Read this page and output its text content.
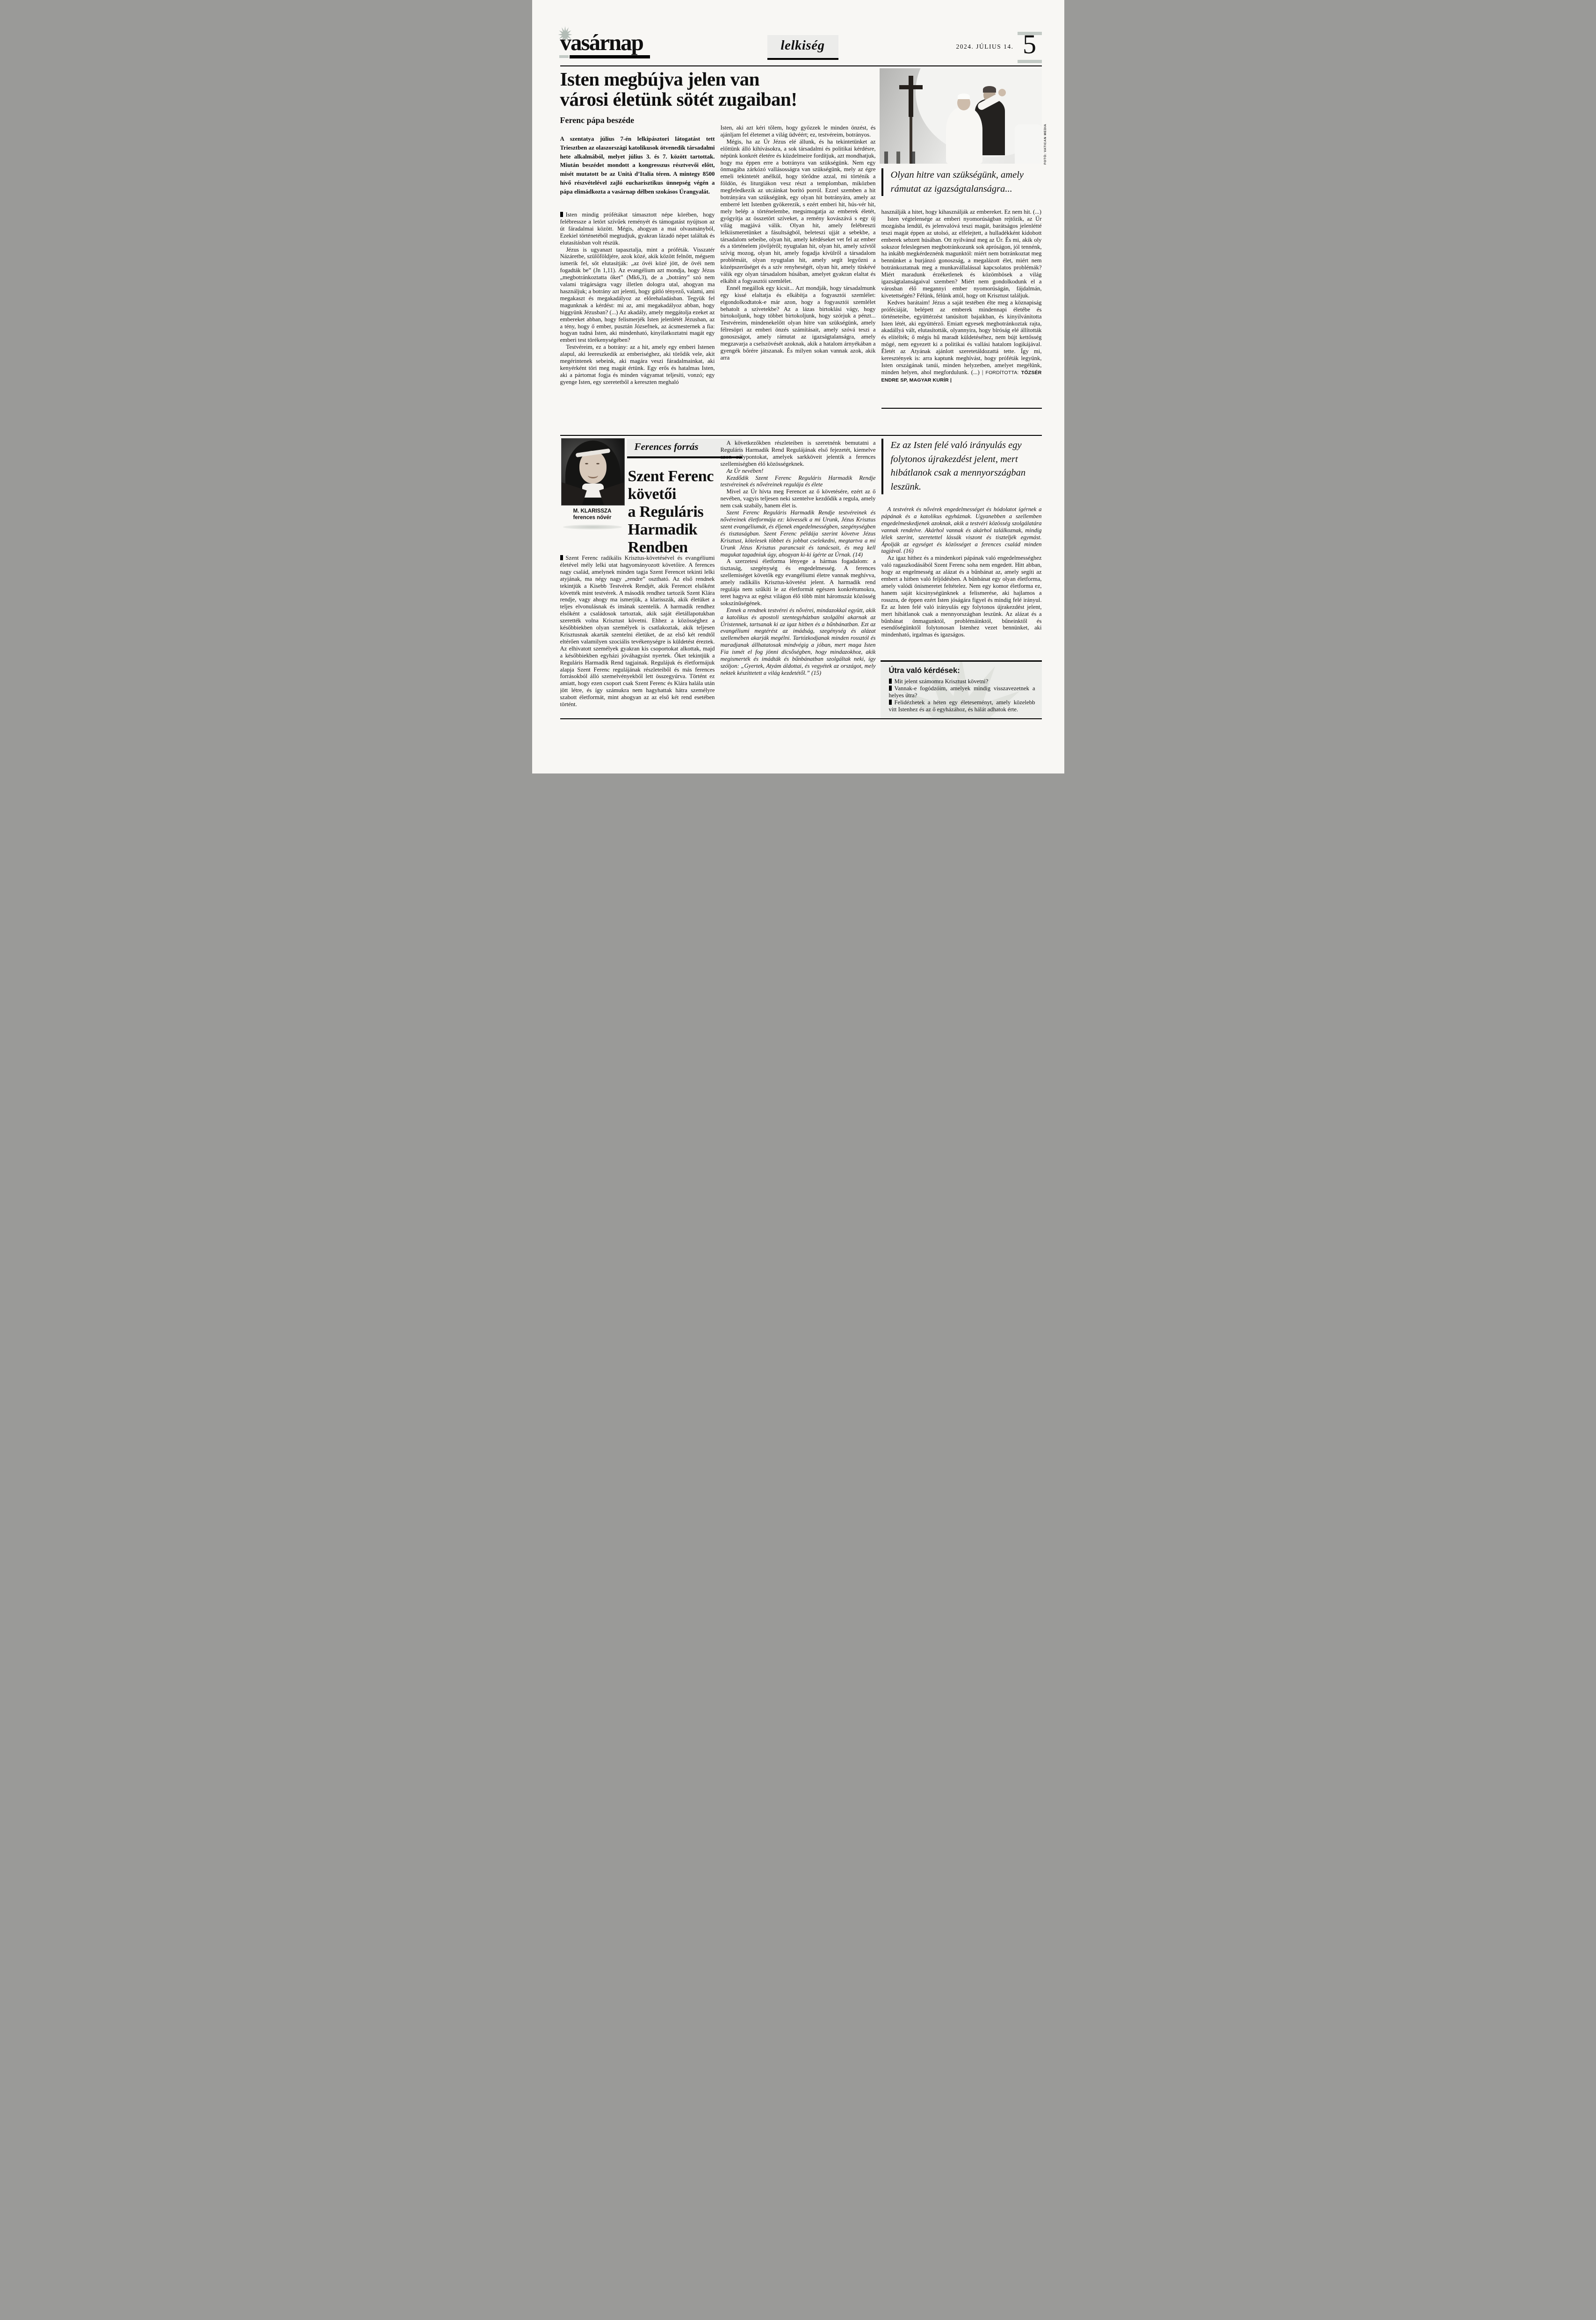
vasárnap	lelkiség	2024. JÚLIUS 14. 5
Isten megbújva jelen van
városi életünk sötét zugaiban!
Ferenc pápa beszéde
FOTÓ: VATICAN MEDIA
A szentatya július 7-én lelkipásztori látogatást tett Triesztben az olaszországi katolikusok ötvenedik társadalmi hete alkalmából, melyet július 3. és 7. között tartottak. Miután beszédet mondott a kongresszus résztvevői előtt, misét mutatott be az Unità d’Italia téren. A mintegy 8500 hívő részvételével zajló eucharisztikus ünnepség végén a pápa elimádkozta a vasárnap délben szokásos Úrangyalát.

Isten mindig prófétákat támasztott népe körében, hogy felébressze a letört szívűek reményét és támogatást nyújtson az út fáradalmai között. Mégis, ahogyan a mai olvasmányból, Ezekiel történetéből megtudjuk, gyakran lázadó népet találtak és elutasításban volt részük.

Jézus is ugyanazt tapasztalja, mint a próféták. Visszatér Názáretbe, szülőföldjére, azok közé, akik között felnőtt, mégsem ismerik fel, sőt elutasítják: „az övéi közé jött, de övéi nem fogadták be” (Jn 1,11). Az evangélium azt mondja, hogy Jézus „megbotránkoztatta őket” (Mk6,3), de a „botrány” szó nem valami trágárságra vagy illetlen dologra utal, ahogyan ma használjuk; a botrány azt jelenti, hogy gátló tényező, valami, ami megakaszt és megakadályoz az előrehaladásban. Tegyük fel magunknak a kérdést: mi az, ami megakadályoz abban, hogy higgyünk Jézusban? (...) Az akadály, amely meggátolja ezeket az embereket abban, hogy felismerjék Isten jelenlétét Jézusban, az a tény, hogy ő ember, pusztán Józsefnek, az ácsmesternek a fia: hogyan tudná Isten, aki mindenható, kinyilatkoztatni magát egy emberi test törékenységében?

Testvéreim, ez a botrány: az a hit, amely egy emberi Istenen alapul, aki leereszkedik az emberiséghez, aki törődik vele, akit megérintenek sebeink, aki magára veszi fáradalmainkat, aki kenyérként töri meg magát értünk. Egy erős és hatalmas Isten, aki a pártomat fogja és minden vágyamat teljesíti, vonzó; egy gyenge Isten, egy szeretetből a kereszten meghaló

Isten, aki azt kéri tőlem, hogy győzzek le minden önzést, és ajánljam fel életemet a világ üdvéért; ez, testvéreim, botrányos.

Mégis, ha az Úr Jézus elé állunk, és ha tekintetünket az előttünk álló kihívásokra, a sok társadalmi és politikai kérdésre, népünk konkrét életére és küzdelmeire fordítjuk, azt mondhatjuk, hogy ma éppen erre a botrányra van szükségünk. Nem egy önmagába zárkózó vallásosságra van szükségünk, mely az égre emeli tekintetét anélkül, hogy törődne azzal, mi történik a földön, és liturgiákon vesz részt a templomban, miközben megfeledkezik az utcáinkat borító porról. Ezzel szemben a hit botrányára van szükségünk, egy olyan hit botrányára, amely az emberré lett Istenben gyökerezik, s ezért emberi hit, hús-vér hit, mely belép a történelembe, megsimogatja az emberek életét, gyógyítja az összetört szíveket, a remény kovászává s egy új világ magjává válik. Olyan hit, amely felébreszti lelkiismeretünket a fásultságból, beleteszi ujját a sebekbe, a társadalom sebeibe, olyan hit, amely kérdéseket vet fel az ember és a történelem jövőjéről; nyugtalan hit, olyan hit, amely szívtől szívig mozog, olyan hit, amely fogadja kívülről a társadalom problémáit, olyan nyugtalan hit, amely segít legyőzni a középszerűséget és a szív renyheségét, olyan hit, amely tüskévé válik egy olyan társadalom húsában, amelyet gyakran elaltat és elkábít a fogyasztói szemlélet.

Ennél megállok egy kicsit... Azt mondják, hogy társadalmunk egy kissé elaltatja és elkábítja a fogyasztói szemlélet: elgondolkodtatok-e már azon, hogy a fogyasztói szemlélet behatolt a szívetekbe? Az a lázas birtoklási vágy, hogy birtokoljunk, hogy többet birtokoljunk, hogy szórjuk a pénzt... Testvéreim, mindenekelőtt olyan hitre van szükségünk, amely félresöpri az emberi önzés számításait, amely szóvá teszi a gonoszságot, amely rámutat az igazságtalanságra, amely megzavarja a cselszövését azoknak, akik a hatalom árnyékában a gyengék bőrére játszanak. És milyen sokan vannak azok, akik arra

Olyan hitre van szükségünk, amely rámutat az igazságtalanságra...

használják a hitet, hogy kihasználják az embereket. Ez nem hit. (...)

Isten végtelensége az emberi nyomorúságban rejtőzik, az Úr mozgásba lendül, és jelenvalóvá teszi magát, barátságos jelenlétté teszi magát éppen az utolsó, az elfelejtett, a hulladékként kidobott emberek sebzett húsában. Ott nyilvánul meg az Úr. És mi, akik oly sokszor feleslegesen megbotránkozunk sok apróságon, jól tennénk, ha inkább megkérdeznénk magunktól: miért nem botránkoztat meg bennünket a burjánzó gonoszság, a megalázott élet, miért nem botránkoztatnak meg a munkavállalással kapcsolatos problémák? Miért maradunk érzéketlenek és közömbösek a világ igazságtalanságaival szemben? Miért nem gondolkodunk el a városban élő megannyi ember nyomorúságán, fájdalmán, kivetettségén? Félünk, félünk attól, hogy ott Krisztust találjuk.

Kedves barátaim! Jézus a saját testében élte meg a köznapiság próféciáját, belépett az emberek mindennapi életébe és történeteibe, együttérzést tanúsított bajaikban, és kinyilvánította Isten létét, aki együttérző. Emiatt egyesek megbotránkoztak rajta, akadállyá vált, elutasították, olyannyira, hogy bíróság elé állították és elítélték; ő mégis hű maradt küldetéséhez, nem bújt kettősség mögé, nem egyezett ki a politikai és vallási hatalom logikájával. Életét az Atyának ajánlott szeretetáldozattá tette. Így mi, keresztények is: arra kaptunk meghívást, hogy próféták legyünk, Isten országának tanúi, minden helyzetben, amelyet megélünk, minden helyen, ahol megfordulunk. (...) | FORDÍTOTTA: TŐZSÉR ENDRE SP, MAGYAR KURÍR |

M. KLARISSZA
ferences nővér
Ferences forrás
Szent Ferenc
követői
a Reguláris
Harmadik
Rendben

Szent Ferenc radikális Krisztus-követésével és evangéliumi életével mély lelki utat hagyományozott követőire. A ferences nagy család, amelynek minden tagja Szent Ferencet tekinti lelki atyjának, ma négy nagy „rendre” osztható. Az első rendnek tekintjük a Kisebb Testvérek Rendjét, akik Ferencet elsőként követték mint testvérek. A második rendhez tartozik Szent Klára rendje, vagy ahogy ma ismerjük, a klarisszák, akik életüket a teljes elvonulásnak és imának szentelik. A harmadik rendhez elsőként a családosok tartoztak, akik saját életállapotukban szerették volna Krisztust követni. Ehhez a közösséghez a későbbiekben olyan személyek is csatlakoztak, akik teljesen Krisztusnak akarták szentelni életüket, de az első két rendtől eltérően valamilyen szociális tevékenységre is küldetést éreztek. Az elhivatott személyek gyakran kis csoportokat alkottak, majd a későbbiekben egyházi jóváhagyást nyertek. Őket tekintjük a Reguláris Harmadik Rend tagjainak. Regulájuk és életformájuk alapja Szent Ferenc regulájának részleteiből és más ferences forrásokból álló szemelvényekből lett összegyúrva. Történt ez amiatt, hogy ezen csoport csak Szent Ferenc és Klára halála után jött létre, és így számukra nem hagyhattak hátra személyre szabott életformát, mint ahogyan az az első két rend esetében történt.

A következőkben részleteiben is szeretnénk bemutatni a Reguláris Harmadik Rend Regulájának első fejezetét, kiemelve azon súlypontokat, amelyek sarkköveit jelentik a ferences szellemiségben élő közösségeknek.

Az Úr nevében!

Kezdődik Szent Ferenc Reguláris Harmadik Rendje testvéreinek és nővéreinek regulája és élete

Mivel az Úr hívta meg Ferencet az ő követésére, ezért az ő nevében, vagyis teljesen neki szentelve kezdődik a regula, amely nem csak szabály, hanem élet is.

Szent Ferenc Reguláris Harmadik Rendje testvéreinek és nővéreinek életformája ez: kövessék a mi Urunk, Jézus Krisztus szent evangéliumát, és éljenek engedelmességben, szegénységben és tisztaságban. Szent Ferenc példája szerint követve Jézus Krisztust, kötelesek többet és jobbat cselekedni, megtartva a mi Urunk Jézus Krisztus parancsait és tanácsait, és meg kell magukat tagadniuk úgy, ahogyan ki-ki ígérte az Úrnak. (14)

A szerzetesi életforma lényege a hármas fogadalom: a tisztaság, szegénység és engedelmesség. A ferences szellemiséget követők egy evangéliumi életre vannak meghívva, amely radikális Krisztus-követést jelent. A harmadik rend regulája nem szűkíti le az életformát egészen konkrétumokra, teret hagyva az egész világon élő több mint háromszáz közösség sokszínűségének.

Ennek a rendnek testvérei és nővérei, mindazokkal együtt, akik a katolikus és apostoli szentegyházban szolgálni akarnak az Úristennek, tartsanak ki az igaz hitben és a bűnbánatban. Ezt az evangéliumi megtérést az imádság, szegénység és alázat szellemében akarják megélni. Tartózkodjanak minden rossztól és maradjanak állhatatosak mindvégig a jóban, mert maga Isten Fia ismét el fog jönni dicsőségben, hogy mindazokhoz, akik megismerték és imádták és bűnbánatban szolgáltak neki, így szóljon: „Gyertek, Atyám áldottai, és vegyétek az országot, mely nektek készíttetett a világ kezdetétől.” (15)

Ez az Isten felé való irányulás egy folytonos újrakezdést jelent, mert hibátlanok csak a mennyországban leszünk.

A testvérek és nővérek engedelmességet és hódolatot ígérnek a pápának és a katolikus egyháznak. Ugyanebben a szellemben engedelmeskedjenek azoknak, akik a testvéri közösség szolgálatára vannak rendelve. Akárhol vannak és akárhol találkoznak, mindig lélek szerint, szeretettel lássák viszont és tiszteljék egymást. Ápolják az egységet és közösséget a ferences család minden tagjával. (16)

Az igaz hithez és a mindenkori pápának való engedelmességhez való ragaszkodásából Szent Ferenc soha nem engedett. Hitt abban, hogy az engelmesség az alázat és a bűnbánat az, amely segíti az embert a hitben való feljődésben. A bűnbánat egy olyan életforma, amely valódi önismeretet feltételez. Nem egy komor életforma ez, hanem saját kicsinységünknek a felismerése, aki hajlamos a rosszra, de éppen ezért Isten jóságára figyel és mindig felé irányul. Ez az Isten felé való irányulás egy folytonos újrakezdést jelent, mert hibátlanok csak a mennyországban leszünk. Az alázat és a bűnbánat önmagunktól, problémáinktól, bűneinktől és esendőségünktől folytonosan Istenhez vezet bennünket, aki mindenható, irgalmas és igazságos.

Útra való kérdések:
Mit jelent számomra Krisztust követni?
Vannak-e fogódzóim, amelyek mindig visszavezetnek a helyes útra?
Felidézhetek a héten egy életeseményt, amely közelebb vitt Istenhez és az ő egyházához, és hálát adhatok érte.
